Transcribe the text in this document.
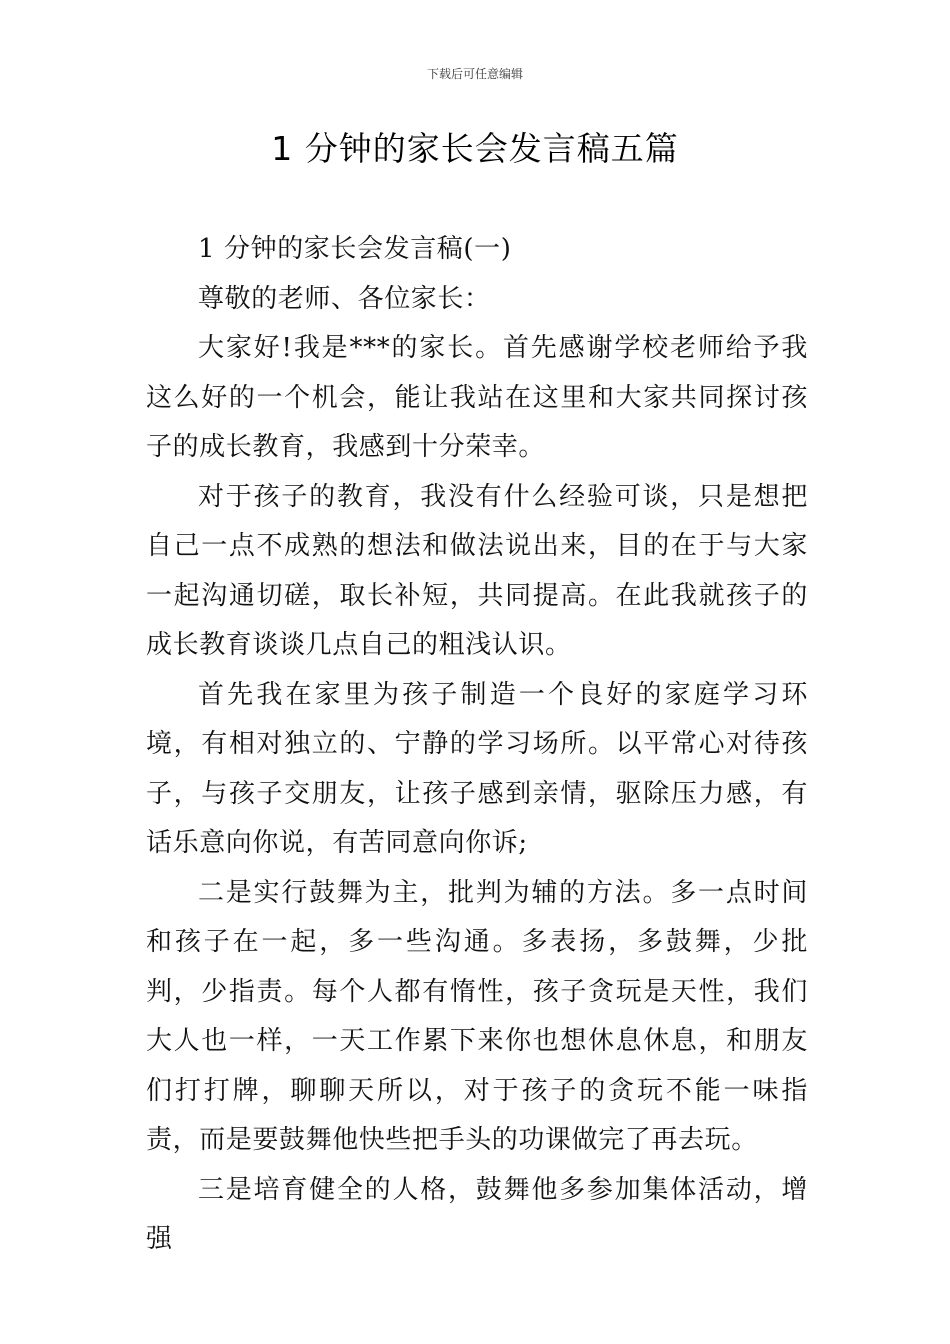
下载后可任意编辑
1 分钟的家长会发言稿五篇

1 分钟的家长会发言稿(一)

尊敬的老师、各位家长：

大家好!我是***的家长。首先感谢学校老师给予我这么好的一个机会，能让我站在这里和大家共同探讨孩子的成长教育，我感到十分荣幸。

对于孩子的教育，我没有什么经验可谈，只是想把自己一点不成熟的想法和做法说出来，目的在于与大家一起沟通切磋，取长补短，共同提高。在此我就孩子的成长教育谈谈几点自己的粗浅认识。

首先我在家里为孩子制造一个良好的家庭学习环境，有相对独立的、宁静的学习场所。以平常心对待孩子，与孩子交朋友，让孩子感到亲情，驱除压力感，有话乐意向你说，有苦同意向你诉;

二是实行鼓舞为主，批判为辅的方法。多一点时间和孩子在一起，多一些沟通。多表扬，多鼓舞，少批判，少指责。每个人都有惰性，孩子贪玩是天性，我们大人也一样，一天工作累下来你也想休息休息，和朋友们打打牌，聊聊天所以，对于孩子的贪玩不能一味指责，而是要鼓舞他快些把手头的功课做完了再去玩。

三是培育健全的人格，鼓舞他多参加集体活动，增强
